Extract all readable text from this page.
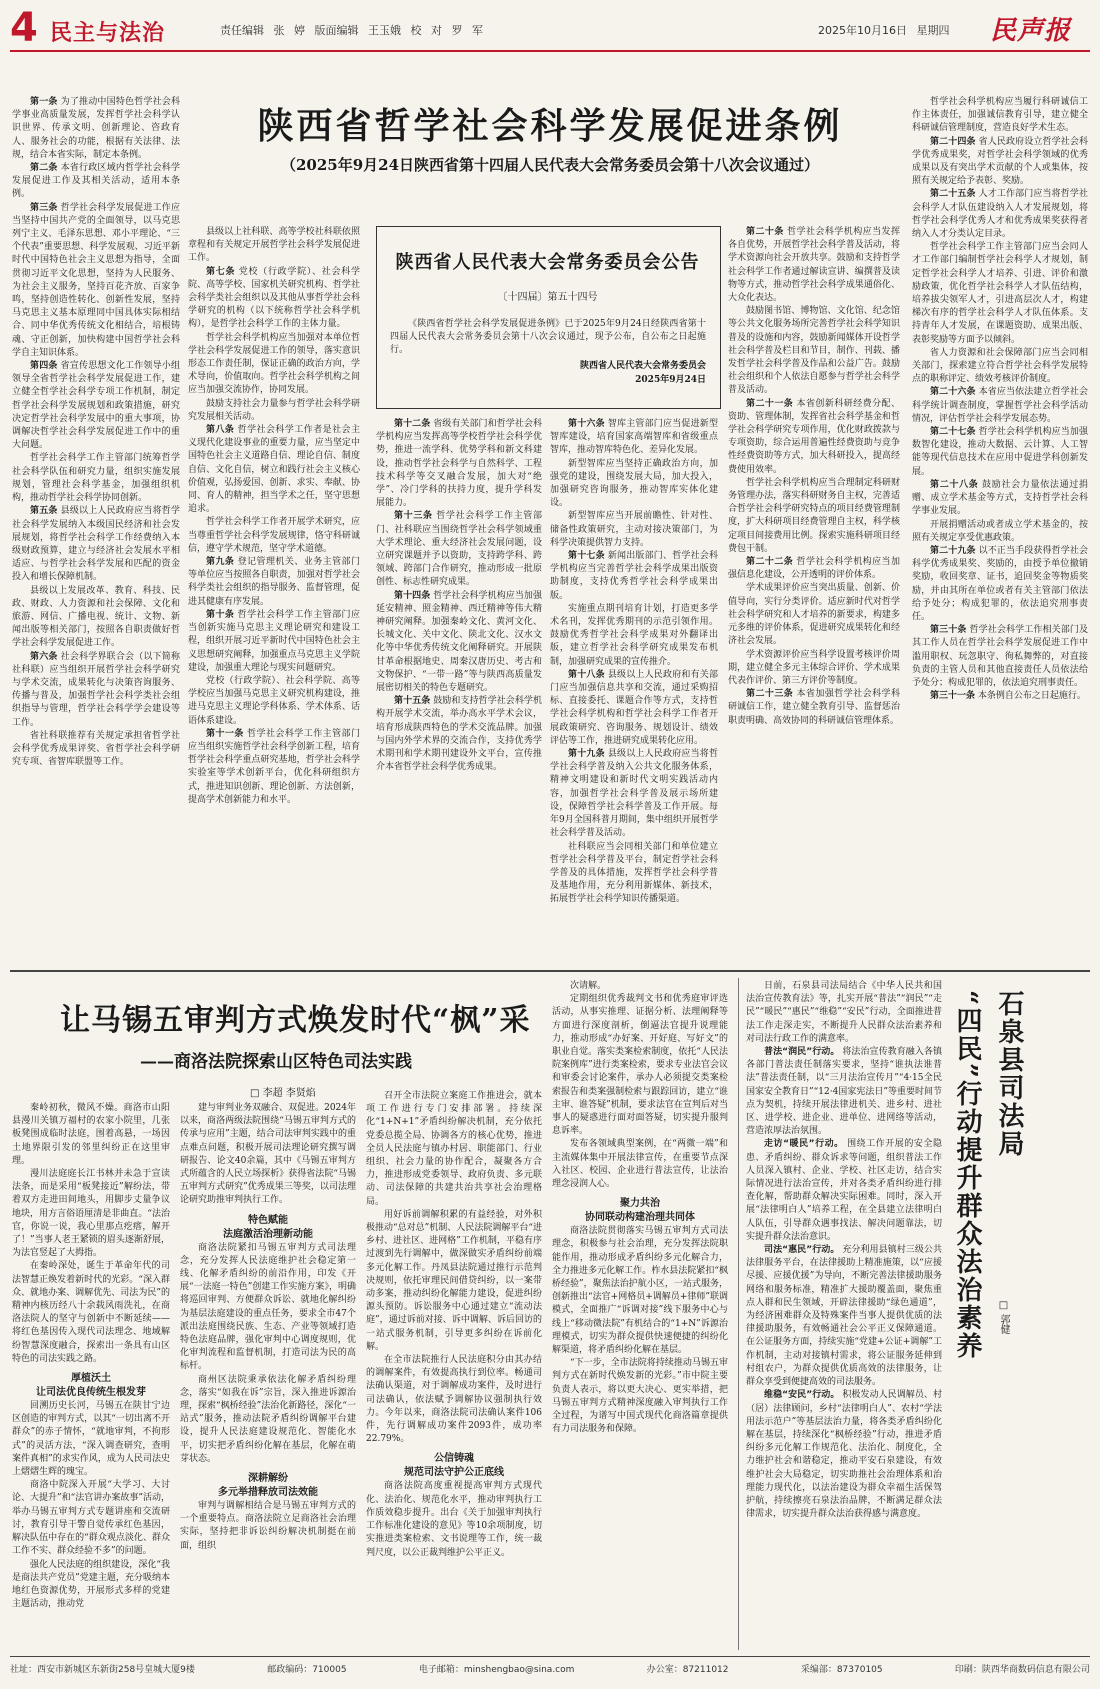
4 民主与法治	责任编辑 张 婷 版面编辑 王玉娥 校 对 罗 军	2025年10月16日 星期四 民声报
陕西省哲学社会科学发展促进条例
（2025年9月24日陕西省第十四届人民代表大会常务委员会第十八次会议通过）

第一条 为了推动中国特色哲学社会科学事业高质量发展，发挥哲学社会科学认识世界、传承文明、创新理论、咨政育人、服务社会的功能，根据有关法律、法规，结合本省实际，制定本条例。

第二条 本省行政区域内哲学社会科学发展促进工作及其相关活动，适用本条例。

第三条 哲学社会科学发展促进工作应当坚持中国共产党的全面领导，以马克思列宁主义、毛泽东思想、邓小平理论、“三个代表”重要思想、科学发展观、习近平新时代中国特色社会主义思想为指导，全面贯彻习近平文化思想，坚持为人民服务、为社会主义服务，坚持百花齐放、百家争鸣，坚持创造性转化、创新性发展，坚持马克思主义基本原理同中国具体实际相结合、同中华优秀传统文化相结合，培根铸魂、守正创新，加快构建中国哲学社会科学自主知识体系。

第四条 省宣传思想文化工作领导小组领导全省哲学社会科学发展促进工作，建立健全哲学社会科学专项工作机制，制定哲学社会科学发展规划和政策措施，研究决定哲学社会科学发展中的重大事项，协调解决哲学社会科学发展促进工作中的重大问题。

哲学社会科学工作主管部门统筹哲学社会科学队伍和研究力量，组织实施发展规划，管理社会科学基金，加强组织机构，推动哲学社会科学协同创新。

第五条 县级以上人民政府应当将哲学社会科学发展纳入本级国民经济和社会发展规划，将哲学社会科学工作经费纳入本级财政预算，建立与经济社会发展水平相适应、与哲学社会科学发展和匹配的资金投入和增长保障机制。

县级以上发展改革、教育、科技、民政、财政、人力资源和社会保障、文化和旅游、网信、广播电视、统计、文物、新闻出版等相关部门，按照各自职责做好哲学社会科学发展促进工作。

第六条 社会科学界联合会（以下简称社科联）应当组织开展哲学社会科学研究与学术交流，成果转化与决策咨询服务、传播与普及，加强哲学社会科学类社会组织指导与管理，哲学社会科学学会建设等工作。

省社科联推荐有关规定承担省哲学社会科学优秀成果评奖、省哲学社会科学研究专项、省智库联盟等工作。

县级以上社科联、高等学校社科联依照章程和有关规定开展哲学社会科学发展促进工作。

第七条 党校（行政学院）、社会科学院、高等学校、国家机关研究机构、哲学社会科学类社会组织以及其他从事哲学社会科学研究的机构（以下统称哲学社会科学机构），是哲学社会科学工作的主体力量。

哲学社会科学机构应当加强对本单位哲学社会科学发展促进工作的领导，落实意识形态工作责任制，保证正确的政治方向，学术导向，价值取向。哲学社会科学机构之间应当加强交流协作，协同发展。

鼓励支持社会力量参与哲学社会科学研究发展相关活动。

第八条 哲学社会科学工作者是社会主义现代化建设事业的重要力量，应当坚定中国特色社会主义道路自信、理论自信、制度自信、文化自信，树立和践行社会主义核心价值观，弘扬爱国、创新、求实、奉献、协同、育人的精神，担当学术之任，坚守思想追求。

哲学社会科学工作者开展学术研究，应当尊重哲学社会科学发展规律，恪守科研诚信，遵守学术规范，坚守学术道德。

第九条 登记管理机关、业务主管部门等单位应当按照各自职责，加强对哲学社会科学类社会组织的指导服务、监督管理，促进其健康有序发展。

第十条 哲学社会科学工作主管部门应当创新实施马克思主义理论研究和建设工程，组织开展习近平新时代中国特色社会主义思想研究阐释，加强重点马克思主义学院建设，加强重大理论与现实问题研究。

党校（行政学院）、社会科学院、高等学校应当加强马克思主义研究机构建设，推进马克思主义理论学科体系、学术体系、话语体系建设。

第十一条 哲学社会科学工作主管部门应当组织实施哲学社会科学创新工程，培育哲学社会科学重点研究基地，哲学社会科学实验室等学术创新平台，优化科研组织方式，推进知识创新、理论创新、方法创新，提高学术创新能力和水平。

陕西省人民代表大会常务委员会公告
〔十四届〕第五十四号
《陕西省哲学社会科学发展促进条例》已于2025年9月24日经陕西省第十四届人民代表大会常务委员会第十八次会议通过，现予公布，自公布之日起施行。
陕西省人民代表大会常务委员会
2025年9月24日

第十二条 省级有关部门和哲学社会科学机构应当发挥高等学校哲学社会科学优势，推进一流学科、优势学科和新文科建设，推动哲学社会科学与自然科学、工程技术科学等交叉融合发展，加大对“绝学”、冷门学科的扶持力度，提升学科发展能力。

第十三条 哲学社会科学工作主管部门、社科联应当围绕哲学社会科学领域重大学术理论、重大经济社会发展问题，设立研究课题并予以资助，支持跨学科、跨领域、跨部门合作研究，推动形成一批原创性、标志性研究成果。

第十四条 哲学社会科学机构应当加强延安精神、照金精神、西迁精神等伟大精神研究阐释。加强秦岭文化、黄河文化、长城文化、关中文化、陕北文化、汉水文化等中华优秀传统文化阐释研究。开展陕甘革命根据地史、周秦汉唐历史、考古和文物保护、“一带一路”等与陕西高质量发展密切相关的特色专题研究。

第十五条 鼓励和支持哲学社会科学机构开展学术交流，举办高水平学术会议，培育形成陕西特色的学术交流品牌。加强与国内外学术界的交流合作，支持优秀学术期刊和学术期刊建设外文平台，宣传推介本省哲学社会科学优秀成果。

第十六条 智库主管部门应当促进新型智库建设，培育国家高端智库和省级重点智库，推动智库特色化、差异化发展。

新型智库应当坚持正确政治方向，加强党的建设，围绕发展大局，加大投入，加强研究咨询服务，推动智库实体化建设。

新型智库应当开展前瞻性、针对性、储备性政策研究，主动对接决策部门，为科学决策提供智力支持。

第十七条 新闻出版部门、哲学社会科学机构应当完善哲学社会科学成果出版资助制度，支持优秀哲学社会科学成果出版。

实施重点期刊培育计划，打造更多学术名刊，发挥优秀期刊的示范引领作用。鼓励优秀哲学社会科学成果对外翻译出版，建立哲学社会科学研究成果发布机制，加强研究成果的宣传推介。

第十八条 县级以上人民政府和有关部门应当加强信息共享和交流，通过采购招标、直接委托、课题合作等方式，支持哲学社会科学机构和哲学社会科学工作者开展政策研究、咨询服务、规划设计、绩效评估等工作，推进研究成果转化应用。

第十九条 县级以上人民政府应当将哲学社会科学普及纳入公共文化服务体系，精神文明建设和新时代文明实践活动内容，加强哲学社会科学普及展示场所建设，保障哲学社会科学普及工作开展。每年9月全国科普月期间，集中组织开展哲学社会科学普及活动。

社科联应当会同相关部门和单位建立哲学社会科学普及平台，制定哲学社会科学普及的具体措施，发挥哲学社会科学普及基地作用，充分利用新媒体、新技术，拓展哲学社会科学知识传播渠道。

第二十条 哲学社会科学机构应当发挥各自优势，开展哲学社会科学普及活动，将学术资源向社会开放共享。鼓励和支持哲学社会科学工作者通过解读宣讲、编撰普及读物等方式，推动哲学社会科学成果通俗化、大众化表达。

鼓励图书馆、博物馆、文化馆、纪念馆等公共文化服务场所完善哲学社会科学知识普及的设施和内容，鼓励新闻媒体开设哲学社会科学普及栏目和节目，制作、刊载、播发哲学社会科学普及作品和公益广告。鼓励社会组织和个人依法自愿参与哲学社会科学普及活动。

第二十一条 本省创新科研经费分配、资助、管理体制，发挥省社会科学基金和哲学社会科学研究专项作用，优化财政拨款与专项资助，综合运用普遍性经费资助与竞争性经费资助等方式，加大科研投入，提高经费使用效率。

哲学社会科学机构应当合理制定科研财务管理办法，落实科研财务自主权，完善适合哲学社会科学研究特点的项目经费管理制度，扩大科研项目经费管理自主权，科学核定项目间接费用比例。探索实施科研项目经费包干制。

第二十二条 哲学社会科学机构应当加强信息化建设，公开透明的评价体系。

学术成果评价应当突出质量、创新、价值导向，实行分类评价。适应新时代对哲学社会科学研究和人才培养的新要求，构建多元多维的评价体系，促进研究成果转化和经济社会发展。

学术资源评价应当科学设置考核评价周期，建立健全多元主体综合评价、学术成果代表作评价、第三方评价等制度。

第二十三条 本省加强哲学社会科学科研诚信工作，建立健全教育引导、监督惩治职责明确、高效协同的科研诚信管理体系。

哲学社会科学机构应当履行科研诚信工作主体责任，加强诚信教育引导，建立健全科研诚信管理制度，营造良好学术生态。

第二十四条 省人民政府设立哲学社会科学优秀成果奖，对哲学社会科学领域的优秀成果以及有突出学术贡献的个人或集体，按照有关规定给予表彰、奖励。

第二十五条 人才工作部门应当将哲学社会科学人才队伍建设纳入人才发展规划，将哲学社会科学优秀人才和优秀成果奖获得者纳入人才分类认定目录。

哲学社会科学工作主管部门应当会同人才工作部门编制哲学社会科学人才规划，制定哲学社会科学人才培养、引进、评价和激励政策，优化哲学社会科学人才队伍结构，培养拔尖领军人才，引进高层次人才，构建梯次有序的哲学社会科学人才队伍体系。支持青年人才发展，在课题资助、成果出版、表彰奖励等方面予以倾斜。

省人力资源和社会保障部门应当会同相关部门，探索建立符合哲学社会科学发展特点的职称评定、绩效考核评价制度。

第二十六条 本省应当依法建立哲学社会科学统计调查制度，掌握哲学社会科学活动情况，评估哲学社会科学发展态势。

第二十七条 哲学社会科学机构应当加强数智化建设，推动大数据、云计算、人工智能等现代信息技术在应用中促进学科创新发展。

第二十八条 鼓励社会力量依法通过捐赠、成立学术基金等方式，支持哲学社会科学事业发展。

开展捐赠活动或者成立学术基金的，按照有关规定享受优惠政策。

第二十九条 以不正当手段获得哲学社会科学优秀成果奖、奖励的，由授予单位撤销奖励，收回奖章、证书，追回奖金等物质奖励，并由其所在单位或者有关主管部门依法给予处分；构成犯罪的，依法追究刑事责任。

第三十条 哲学社会科学工作相关部门及其工作人员在哲学社会科学发展促进工作中滥用职权、玩忽职守、徇私舞弊的，对直接负责的主管人员和其他直接责任人员依法给予处分；构成犯罪的，依法追究刑事责任。

第三十一条 本条例自公布之日起施行。

让马锡五审判方式焕发时代“枫”采
——商洛法院探索山区特色司法实践
□ 李超 李贤焰

秦岭初秋，微风不燥。商洛市山阳县漫川关镇万福村的农家小院里，几张板凳围成临时法庭，围着高悬，一场因土地界限引发的邻里纠纷正在这里审理。

漫川法庭庭长江书林并未急于宣读法条，而是采用“板凳接近”解纷法，带着双方走进田间地头，用脚步丈量争议地块，用方言俗语厘清是非曲直。“法治官，你说一说，我心里那点疙瘩，解开了！”当事人老王紧锁的眉头逐渐舒展，为法官竖起了大拇指。

在秦岭深处，诞生于革命年代的司法智慧正焕发着新时代的光彩。“深入群众、就地办案、调解优先、司法为民”的精神内核历经八十余载风雨洗礼，在商洛法院人的坚守与创新中不断延续——将红色基因传入现代司法理念、地域解纷智慧深度融合，探索出一条具有山区特色的司法实践之路。

厚植沃土
让司法优良传统生根发芽

回溯历史长河，马锡五在陕甘宁边区创造的审判方式，以其“一切出离不开群众”的赤子情怀，“就地审判，不拘形式”的灵活方法，“深入调查研究，查明案件真相”的求实作风，成为人民司法史上熠熠生辉的瑰宝。

商洛中院深入开展“大学习、大讨论、大提升”和“法官讲办案故事”活动，举办马锡五审判方式专题讲座和交流研讨，教育引导干警自觉传承红色基因，解决队伍中存在的“群众观点淡化、群众工作不实、群众经验不多”的问题。

强化人民法庭的组织建设，深化“我是商法共产党员”党建主题，充分吸纳本地红色资源优势，开展形式多样的党建主题活动，推动党

建与审判业务双融合、双促进。2024年以来，商洛两级法院围绕“马锡五审判方式的传承与应用”主题，结合司法审判实践中的重点难点问题，积极开展司法理论研究撰写调研报告、论文40余篇，其中《马锡五审判方式所蕴含的人民立场探析》获得省法院“马锡五审判方式研究”优秀成果三等奖，以司法理论研究助推审判执行工作。

特色赋能
法庭激活治理新动能

商洛法院紧扣马锡五审判方式司法理念，充分发挥人民法庭维护社会稳定第一线、化解矛盾纠纷的前沿作用，印发《开展“一法庭一特色”创建工作实施方案》，明确将巡回审判、方便群众诉讼、就地化解纠纷为基层法庭建设的重点任务，要求全市47个派出法庭围绕民族、生态、产业等领域打造特色法庭品牌，强化审判中心调度规则，优化审判流程和监督机制，打造司法为民的高标杆。

商州区法院秉承依法化解矛盾纠纷理念，落实“如我在诉”宗旨，深入推进诉源治理，探索“枫桥经验”法治化新路径，深化“一站式”服务，推动法院矛盾纠纷调解平台建设，提升人民法庭建设规范化、智能化水平，切实把矛盾纠纷化解在基层，化解在萌芽状态。

深耕解纷
多元举措释放司法效能

审判与调解相结合是马锡五审判方式的一个重要特点。商洛法院立足商洛社会治理实际，坚持把非诉讼纠纷解决机制挺在前面，组织

召开全市法院立案庭工作推进会，就本项工作进行专门安排部署。持续深化“1+N+1”矛盾纠纷解决机制，充分依托党委总揽全局、协调各方的核心优势，推进全员人民法庭与镇办村居、职能部门、行业组织、社会力量的协作配合，凝聚各方合力，推进形成党委领导、政府负责、多元联动、司法保障的共建共治共享社会治理格局。

用好诉前调解积累的有益经验，对外积极推动“总对总”机制、人民法院调解平台“进乡村、进社区、进网格”工作机制，平稳有序过渡到先行调解中，做深做实矛盾纠纷前端多元化解工作。丹凤县法院通过推行示范判决规则，依托审理民间借贷纠纷，以一案带动多案，推动纠纷化解能力建设，促进纠纷源头预防。诉讼服务中心通过建立“流动法庭”，通过诉前对接、诉中调解、诉后回访的一站式服务机制，引导更多纠纷在诉前化解。

在全市法院推行人民法庭积分由其办结的调解案件，有效提高执行到位率。畅通司法确认渠道，对于调解成功案件，及时进行司法确认，依法赋予调解协议强制执行效力。今年以来，商洛法院司法确认案件106件，先行调解成功案件2093件，成功率22.79%。

公信铸魂
规范司法守护公正底线

商洛法院高度重视提高审判方式现代化、法治化、规范化水平，推动审判执行工作质效稳步提升。出台《关于加强审判执行工作标准化建设的意见》等10余项制度，切实推进类案检索、文书说理等工作，统一裁判尺度，以公正裁判维护公平正义。

次请解。

定期组织优秀裁判文书和优秀庭审评选活动，从事实推理、证据分析、法理阐释等方面进行深度剖析，倒逼法官提升说理能力，推动形成“办好案、开好庭、写好文”的职业自觉。落实类案检索制度，依托“人民法院案例库”进行类案检索，要求专业法官会议和审委会讨论案件，承办人必须提交类案检索报告和类案强制检索与跟踪回访，建立“谁主审、谁答疑”机制，要求法官在宣判后对当事人的疑惑进行面对面答疑，切实提升服判息诉率。

发布各领域典型案例，在“两微一端”和主流媒体集中开展法律宣传，在重要节点深入社区、校园、企业进行普法宣传，让法治理念浸润人心。

聚力共治
协同联动构建治理共同体

商洛法院贯彻落实马锡五审判方式司法理念，积极参与社会治理，充分发挥法院职能作用，推动形成矛盾纠纷多元化解合力，全力推进多元化解工作。柞水县法院紧扣“枫桥经验”，聚焦法治护航小区，一站式服务，创新推出“法官+网格员+调解员+律师”联调模式，全面推广“诉调对接”线下服务中心与线上“移动微法院”有机结合的“1+N”诉源治理模式，切实为群众提供快速便捷的纠纷化解渠道，将矛盾纠纷化解在基层。

“下一步，全市法院将持续推动马锡五审判方式在新时代焕发新的光彩。”市中院主要负责人表示，将以更大决心、更实举措，把马锡五审判方式精神深度融入审判执行工作全过程，为谱写中国式现代化商洛篇章提供有力司法服务和保障。

日前，石泉县司法局结合《中华人民共和国法治宣传教育法》等，扎实开展“普法”“润民”“走民”“暖民”“惠民”“维稳”“安民”行动，全面推进普法工作走深走实，不断提升人民群众法治素养和对司法行政工作的满意率。

普法“润民”行动。 将法治宣传教育融入各镇各部门普法责任制落实要求，坚持“谁执法谁普法”普法责任制，以“三月法治宣传月”“4·15全民国家安全教育日”“12·4国家宪法日”等重要时间节点为契机，持续开展法律进机关、进乡村、进社区、进学校、进企业、进单位、进网络等活动，营造浓厚法治氛围。

走访“暖民”行动。 围绕工作开展的安全隐患、矛盾纠纷、群众诉求等问题，组织普法工作人员深入镇村、企业、学校、社区走访，结合实际情况进行法治宣传，并对各类矛盾纠纷进行排查化解，帮助群众解决实际困难。同时，深入开展“法律明白人”培养工程，在全县建立法律明白人队伍，引导群众遇事找法、解决问题靠法，切实提升群众法治意识。

司法“惠民”行动。 充分利用县镇村三级公共法律服务平台，在法律援助上精准施策，以“应援尽援、应援优援”为导向，不断完善法律援助服务网络和服务标准，精准扩大援助覆盖面，聚焦重点人群和民生领域，开辟法律援助“绿色通道”，为经济困难群众及特殊案件当事人提供优质的法律援助服务，有效畅通社会公平正义保障通道。在公证服务方面，持续实施“党建+公证+调解”工作机制，主动对接镇村需求，将公证服务延伸到村组农户，为群众提供优质高效的法律服务，让群众享受到便捷高效的司法服务。

维稳“安民”行动。 积极发动人民调解员、村（居）法律顾问，乡村“法律明白人”、农村“学法用法示范户”等基层法治力量，将各类矛盾纠纷化解在基层，持续深化“枫桥经验”行动，推进矛盾纠纷多元化解工作规范化、法治化、制度化，全力维护社会和谐稳定，推动平安石泉建设，有效维护社会大局稳定，切实助推社会治理体系和治理能力现代化，以法治建设为群众幸福生活保驾护航，持续擦亮石泉法治品牌，不断满足群众法律需求，切实提升群众法治获得感与满意度。

石泉县司法局
“四民”行动提升群众法治素养 □ 郭健
社址：西安市新城区东新街258号皇城大厦9楼	邮政编码：710005	电子邮箱：minshengbao@sina.com	办公室：87211012	采编部：87370105	印刷：陕西华商数码信息有限公司
